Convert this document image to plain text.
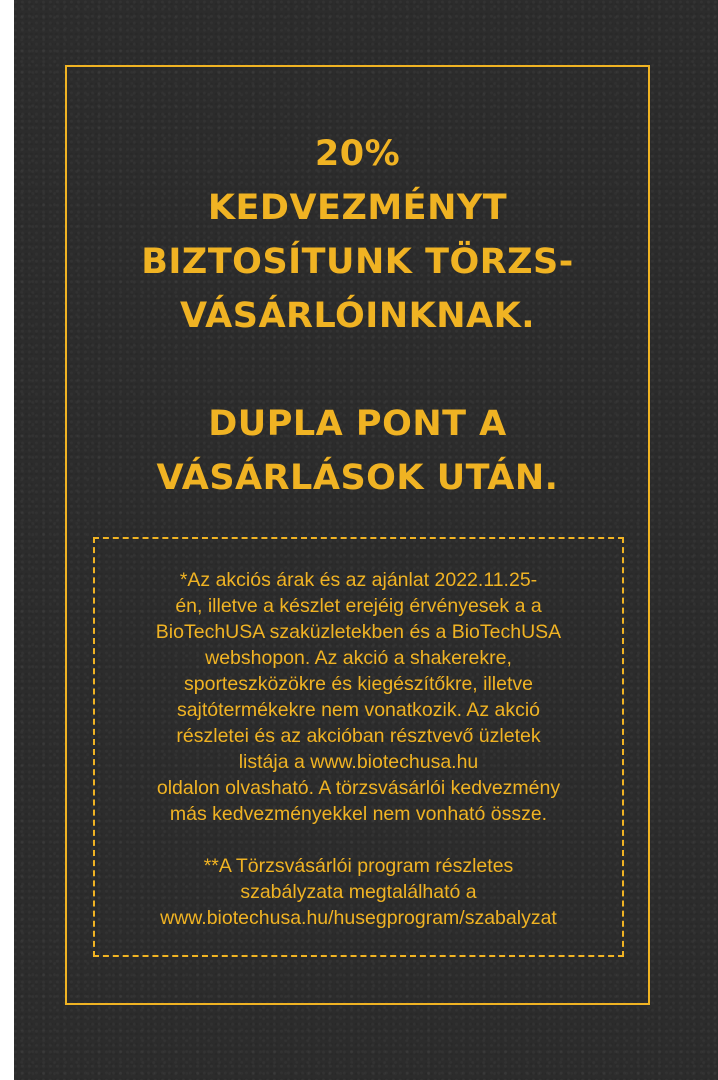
20%
KEDVEZMÉNYT
BIZTOSÍTUNK TÖRZS-
VÁSÁRLÓINKNAK.
DUPLA PONT A
VÁSÁRLÁSOK UTÁN.
*Az akciós árak és az ajánlat 2022.11.25-
én, illetve a készlet erejéig érvényesek a a
BioTechUSA szaküzletekben és a BioTechUSA
webshopon. Az akció a shakerekre,
sporteszközökre és kiegészítőkre, illetve
sajtótermékekre nem vonatkozik. Az akció
részletei és az akcióban résztvevő üzletek
listája a www.biotechusa.hu
oldalon olvasható. A törzsvásárlói kedvezmény
más kedvezményekkel nem vonható össze.
**A Törzsvásárlói program részletes
szabályzata megtalálható a
www.biotechusa.hu/husegprogram/szabalyzat
